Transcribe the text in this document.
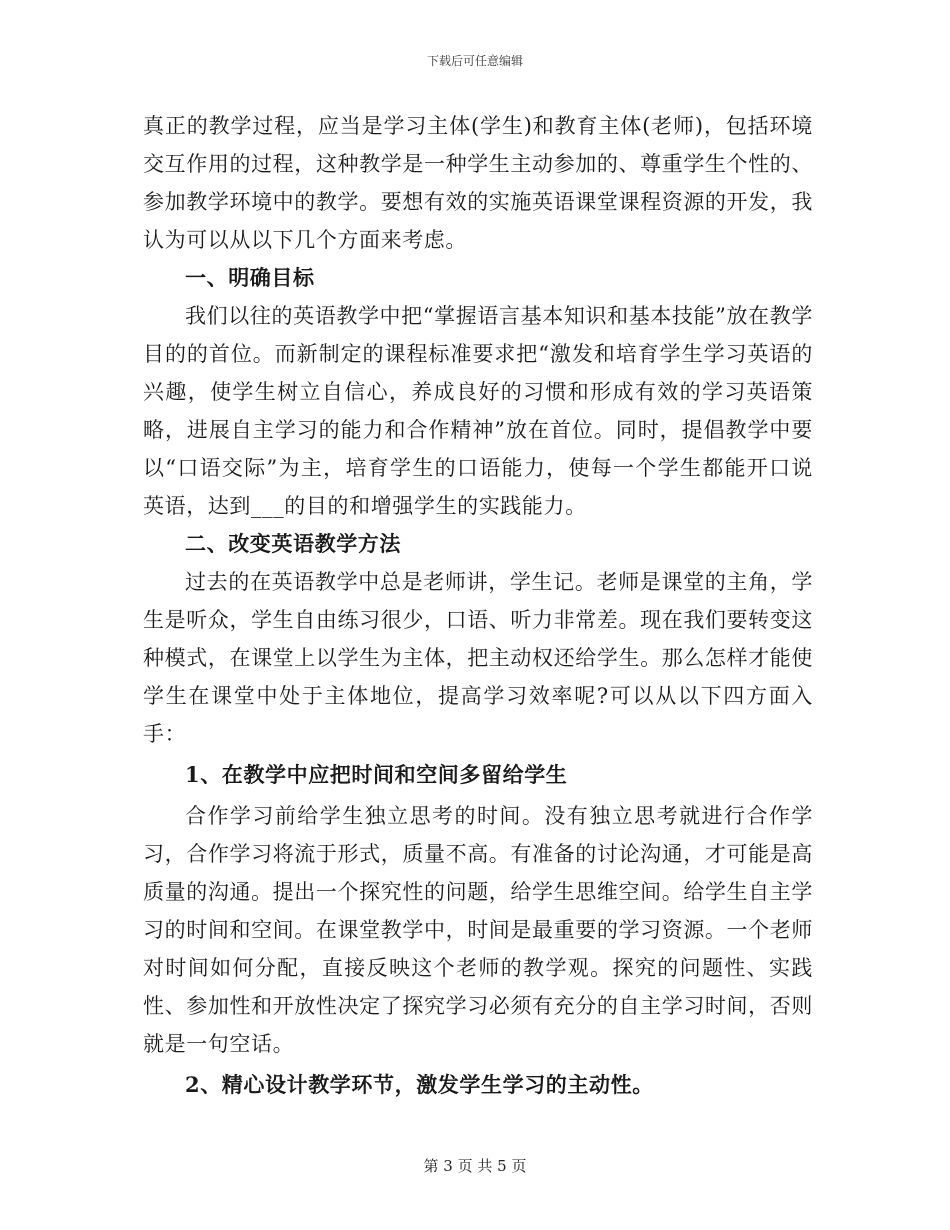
下载后可任意编辑

真正的教学过程，应当是学习主体(学生)和教育主体(老师)，包括环境交互作用的过程，这种教学是一种学生主动参加的、尊重学生个性的、参加教学环境中的教学。要想有效的实施英语课堂课程资源的开发，我认为可以从以下几个方面来考虑。

一、明确目标

我们以往的英语教学中把“掌握语言基本知识和基本技能”放在教学目的的首位。而新制定的课程标准要求把“激发和培育学生学习英语的兴趣，使学生树立自信心，养成良好的习惯和形成有效的学习英语策略，进展自主学习的能力和合作精神”放在首位。同时，提倡教学中要以“口语交际”为主，培育学生的口语能力，使每一个学生都能开口说英语，达到___的目的和增强学生的实践能力。

二、改变英语教学方法

过去的在英语教学中总是老师讲，学生记。老师是课堂的主角，学生是听众，学生自由练习很少，口语、听力非常差。现在我们要转变这种模式，在课堂上以学生为主体，把主动权还给学生。那么怎样才能使学生在课堂中处于主体地位，提高学习效率呢?可以从以下四方面入手：

1、在教学中应把时间和空间多留给学生

合作学习前给学生独立思考的时间。没有独立思考就进行合作学习，合作学习将流于形式，质量不高。有准备的讨论沟通，才可能是高质量的沟通。提出一个探究性的问题，给学生思维空间。给学生自主学习的时间和空间。在课堂教学中，时间是最重要的学习资源。一个老师对时间如何分配，直接反映这个老师的教学观。探究的问题性、实践性、参加性和开放性决定了探究学习必须有充分的自主学习时间，否则就是一句空话。

2、精心设计教学环节，激发学生学习的主动性。

第 3 页 共 5 页
